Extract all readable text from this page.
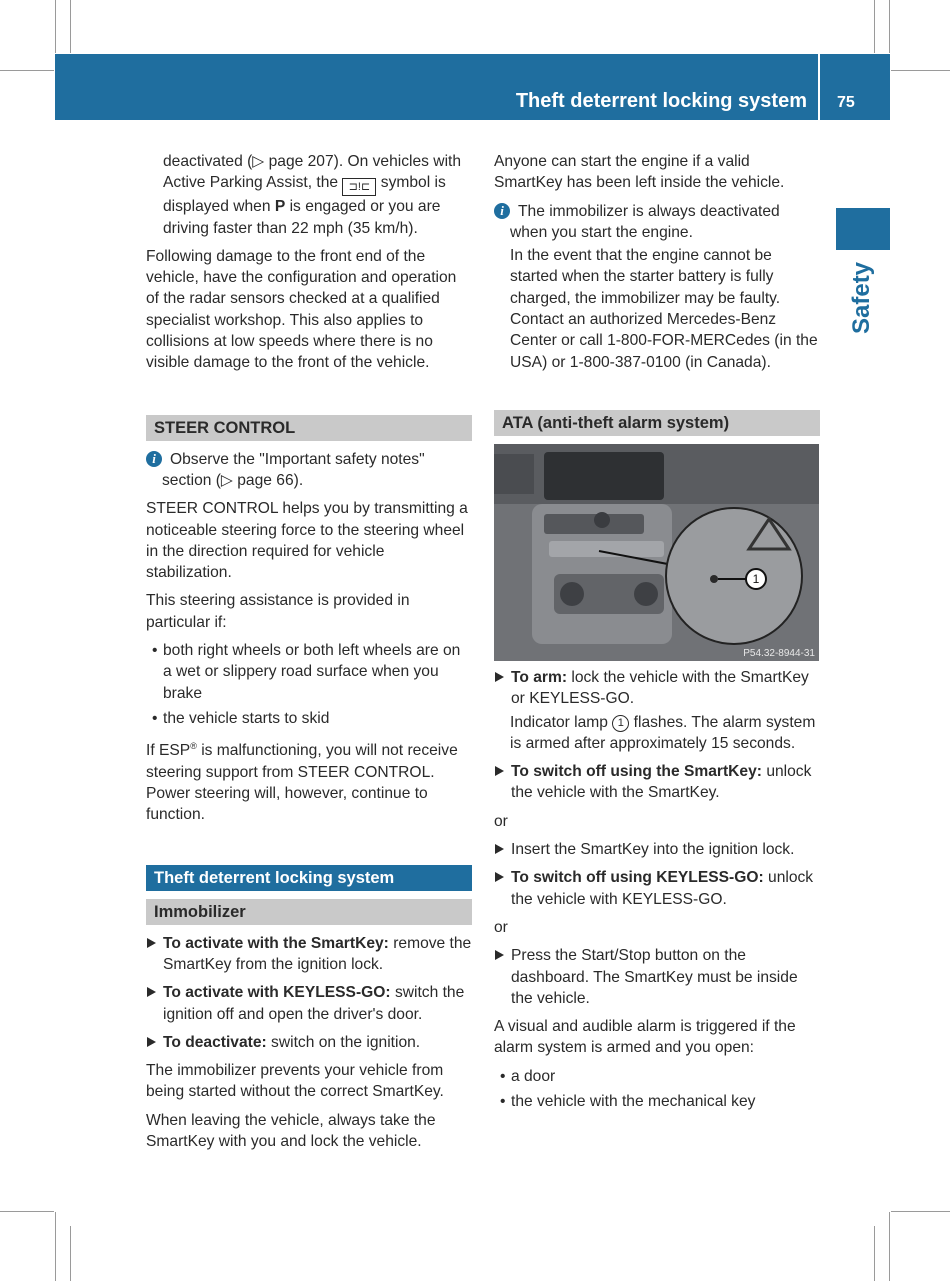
Theft deterrent locking system 75
Safety
deactivated (▷ page 207). On vehicles with
Active Parking Assist, the ⊐!⊏ symbol is
displayed when P is engaged or you are
driving faster than 22 mph (35 km/h).

Following damage to the front end of the vehicle, have the configuration and operation of the radar sensors checked at a qualified specialist workshop. This also applies to collisions at low speeds where there is no visible damage to the front of the vehicle.

STEER CONTROL
i Observe the "Important safety notes" section (▷ page 66).

STEER CONTROL helps you by transmitting a noticeable steering force to the steering wheel in the direction required for vehicle stabilization.

This steering assistance is provided in particular if:

• both right wheels or both left wheels are on a wet or slippery road surface when you brake
• the vehicle starts to skid

If ESP® is malfunctioning, you will not receive steering support from STEER CONTROL. Power steering will, however, continue to function.

Theft deterrent locking system
Immobilizer
To activate with the SmartKey: remove the SmartKey from the ignition lock.
To activate with KEYLESS-GO: switch the ignition off and open the driver's door.
To deactivate: switch on the ignition.

The immobilizer prevents your vehicle from being started without the correct SmartKey.

When leaving the vehicle, always take the SmartKey with you and lock the vehicle.

Anyone can start the engine if a valid SmartKey has been left inside the vehicle.

i The immobilizer is always deactivated when you start the engine.

In the event that the engine cannot be started when the starter battery is fully charged, the immobilizer may be faulty. Contact an authorized Mercedes-Benz Center or call 1-800-FOR-MERCedes (in the USA) or 1-800-387-0100 (in Canada).

ATA (anti-theft alarm system)
1
P54.32-8944-31
To arm: lock the vehicle with the SmartKey or KEYLESS-GO.
Indicator lamp 1 flashes. The alarm system is armed after approximately 15 seconds.
To switch off using the SmartKey: unlock the vehicle with the SmartKey.
or
Insert the SmartKey into the ignition lock.
To switch off using KEYLESS-GO: unlock the vehicle with KEYLESS-GO.
or
Press the Start/Stop button on the dashboard. The SmartKey must be inside the vehicle.

A visual and audible alarm is triggered if the alarm system is armed and you open:

• a door
• the vehicle with the mechanical key
